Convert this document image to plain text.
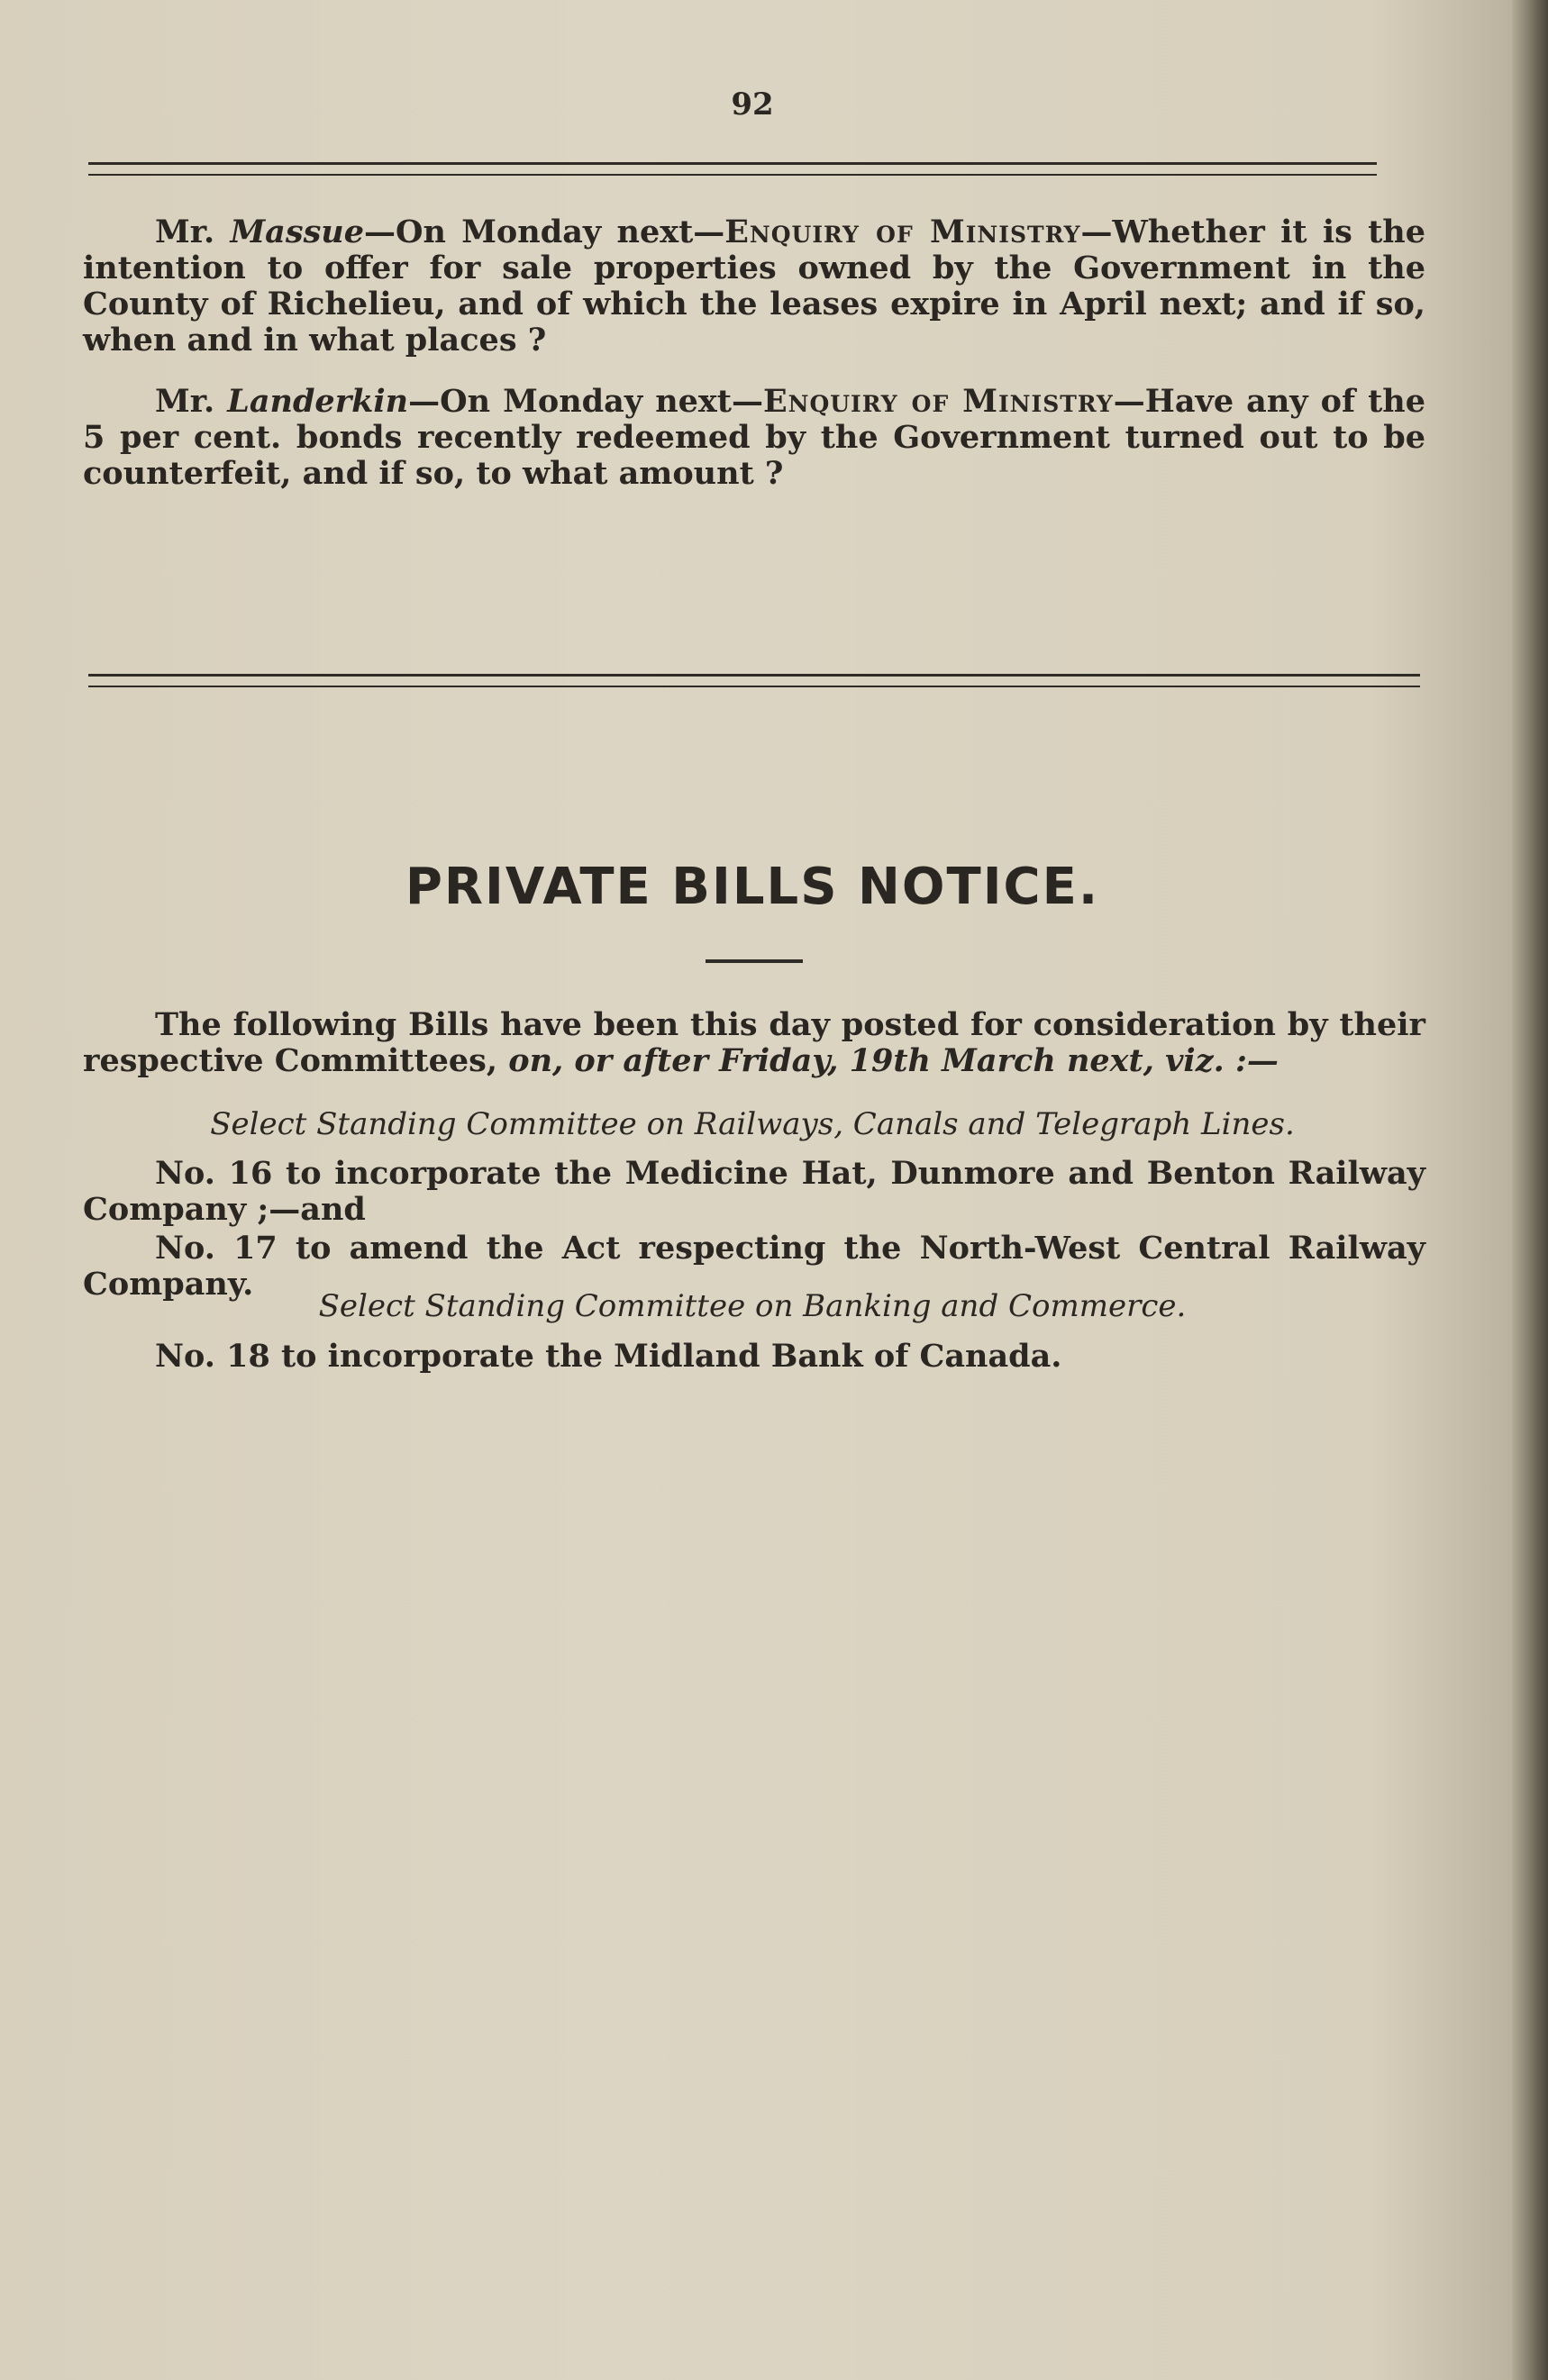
92
Mr. Massue—On Monday next—Enquiry of Ministry—Whether it is the intention to offer for sale properties owned by the Government in the County of Richelieu, and of which the leases expire in April next; and if so, when and in what places ?
Mr. Landerkin—On Monday next—Enquiry of Ministry—Have any of the 5 per cent. bonds recently redeemed by the Government turned out to be counterfeit, and if so, to what amount ?
PRIVATE BILLS NOTICE.
The following Bills have been this day posted for consideration by their respective Committees, on, or after Friday, 19th March next, viz. :—
Select Standing Committee on Railways, Canals and Telegraph Lines.
No. 16 to incorporate the Medicine Hat, Dunmore and Benton Railway Company ;—and
No. 17 to amend the Act respecting the North-West Central Railway Company.
Select Standing Committee on Banking and Commerce.
No. 18 to incorporate the Midland Bank of Canada.
